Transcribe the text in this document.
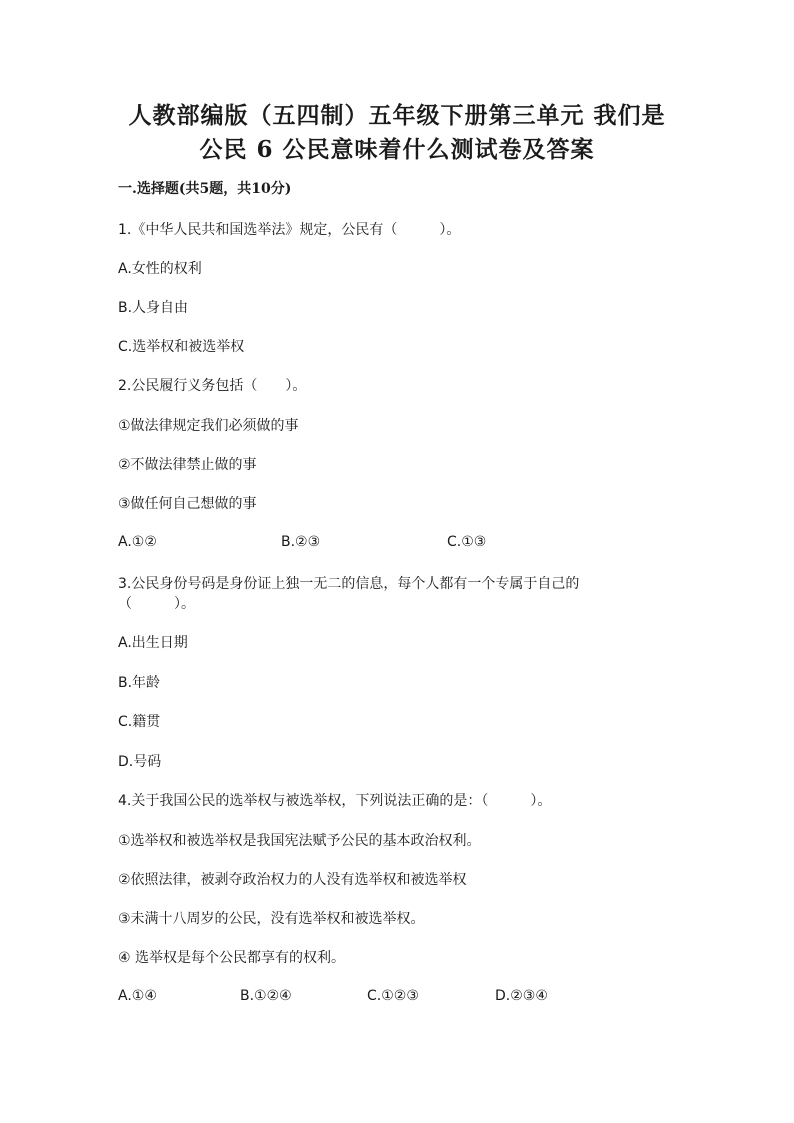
人教部编版（五四制）五年级下册第三单元 我们是
公民 6 公民意味着什么测试卷及答案
一.选择题(共5题，共10分)
1.《中华人民共和国选举法》规定，公民有（　　　）。
A.女性的权利
B.人身自由
C.选举权和被选举权
2.公民履行义务包括（　　）。
①做法律规定我们必须做的事
②不做法律禁止做的事
③做任何自己想做的事
A.①②	B.②③	C.①③
3.公民身份号码是身份证上独一无二的信息，每个人都有一个专属于自己的
（　　　）。
A.出生日期
B.年龄
C.籍贯
D.号码
4.关于我国公民的选举权与被选举权，下列说法正确的是：（　　　）。
①选举权和被选举权是我国宪法赋予公民的基本政治权利。
②依照法律，被剥夺政治权力的人没有选举权和被选举权
③未满十八周岁的公民，没有选举权和被选举权。
④ 选举权是每个公民都享有的权利。
A.①④	B.①②④	C.①②③	D.②③④
